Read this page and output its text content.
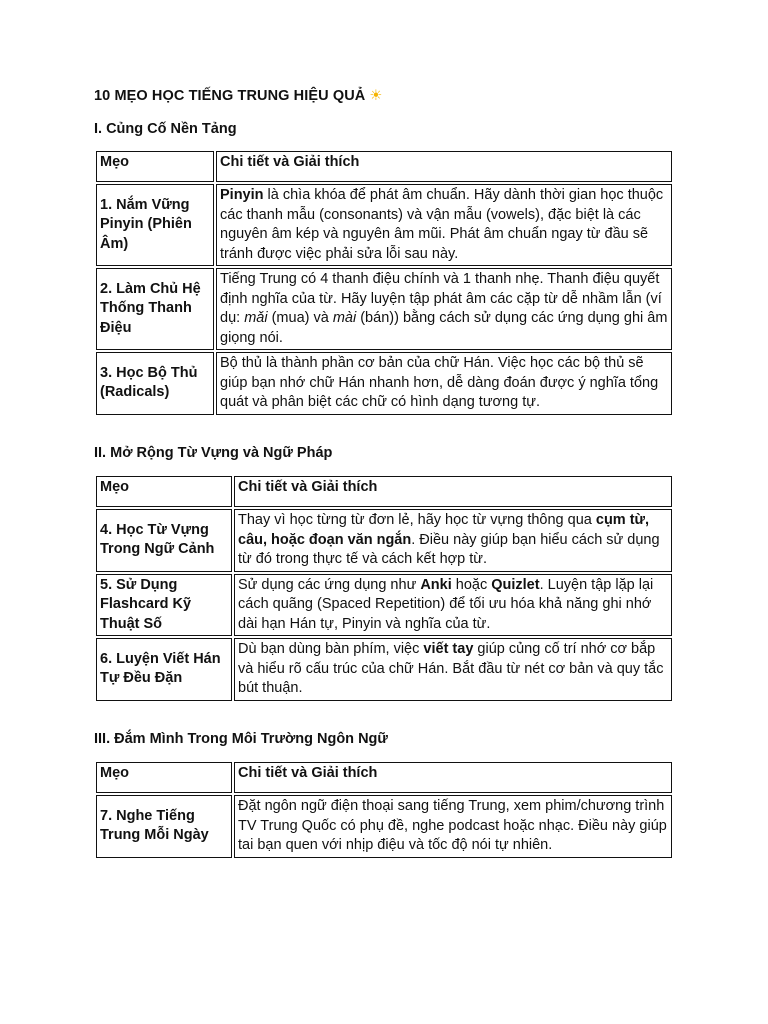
10 MẸO HỌC TIẾNG TRUNG HIỆU QUẢ ☀
I. Củng Cố Nền Tảng
Mẹo	Chi tiết và Giải thích
1. Nắm Vững Pinyin (Phiên Âm)	Pinyin là chìa khóa để phát âm chuẩn. Hãy dành thời gian học thuộc các thanh mẫu (consonants) và vận mẫu (vowels), đặc biệt là các nguyên âm kép và nguyên âm mũi. Phát âm chuẩn ngay từ đầu sẽ tránh được việc phải sửa lỗi sau này.
2. Làm Chủ Hệ Thống Thanh Điệu	Tiếng Trung có 4 thanh điệu chính và 1 thanh nhẹ. Thanh điệu quyết định nghĩa của từ. Hãy luyện tập phát âm các cặp từ dễ nhầm lẫn (ví dụ: mǎi (mua) và mài (bán)) bằng cách sử dụng các ứng dụng ghi âm giọng nói.
3. Học Bộ Thủ (Radicals)	Bộ thủ là thành phần cơ bản của chữ Hán. Việc học các bộ thủ sẽ giúp bạn nhớ chữ Hán nhanh hơn, dễ dàng đoán được ý nghĩa tổng quát và phân biệt các chữ có hình dạng tương tự.
II. Mở Rộng Từ Vựng và Ngữ Pháp
Mẹo	Chi tiết và Giải thích
4. Học Từ Vựng Trong Ngữ Cảnh	Thay vì học từng từ đơn lẻ, hãy học từ vựng thông qua cụm từ, câu, hoặc đoạn văn ngắn. Điều này giúp bạn hiểu cách sử dụng từ đó trong thực tế và cách kết hợp từ.
5. Sử Dụng Flashcard Kỹ Thuật Số	Sử dụng các ứng dụng như Anki hoặc Quizlet. Luyện tập lặp lại cách quãng (Spaced Repetition) để tối ưu hóa khả năng ghi nhớ dài hạn Hán tự, Pinyin và nghĩa của từ.
6. Luyện Viết Hán Tự Đều Đặn	Dù bạn dùng bàn phím, việc viết tay giúp củng cố trí nhớ cơ bắp và hiểu rõ cấu trúc của chữ Hán. Bắt đầu từ nét cơ bản và quy tắc bút thuận.
III. Đắm Mình Trong Môi Trường Ngôn Ngữ
Mẹo	Chi tiết và Giải thích
7. Nghe Tiếng Trung Mỗi Ngày	Đặt ngôn ngữ điện thoại sang tiếng Trung, xem phim/chương trình TV Trung Quốc có phụ đề, nghe podcast hoặc nhạc. Điều này giúp tai bạn quen với nhịp điệu và tốc độ nói tự nhiên.
